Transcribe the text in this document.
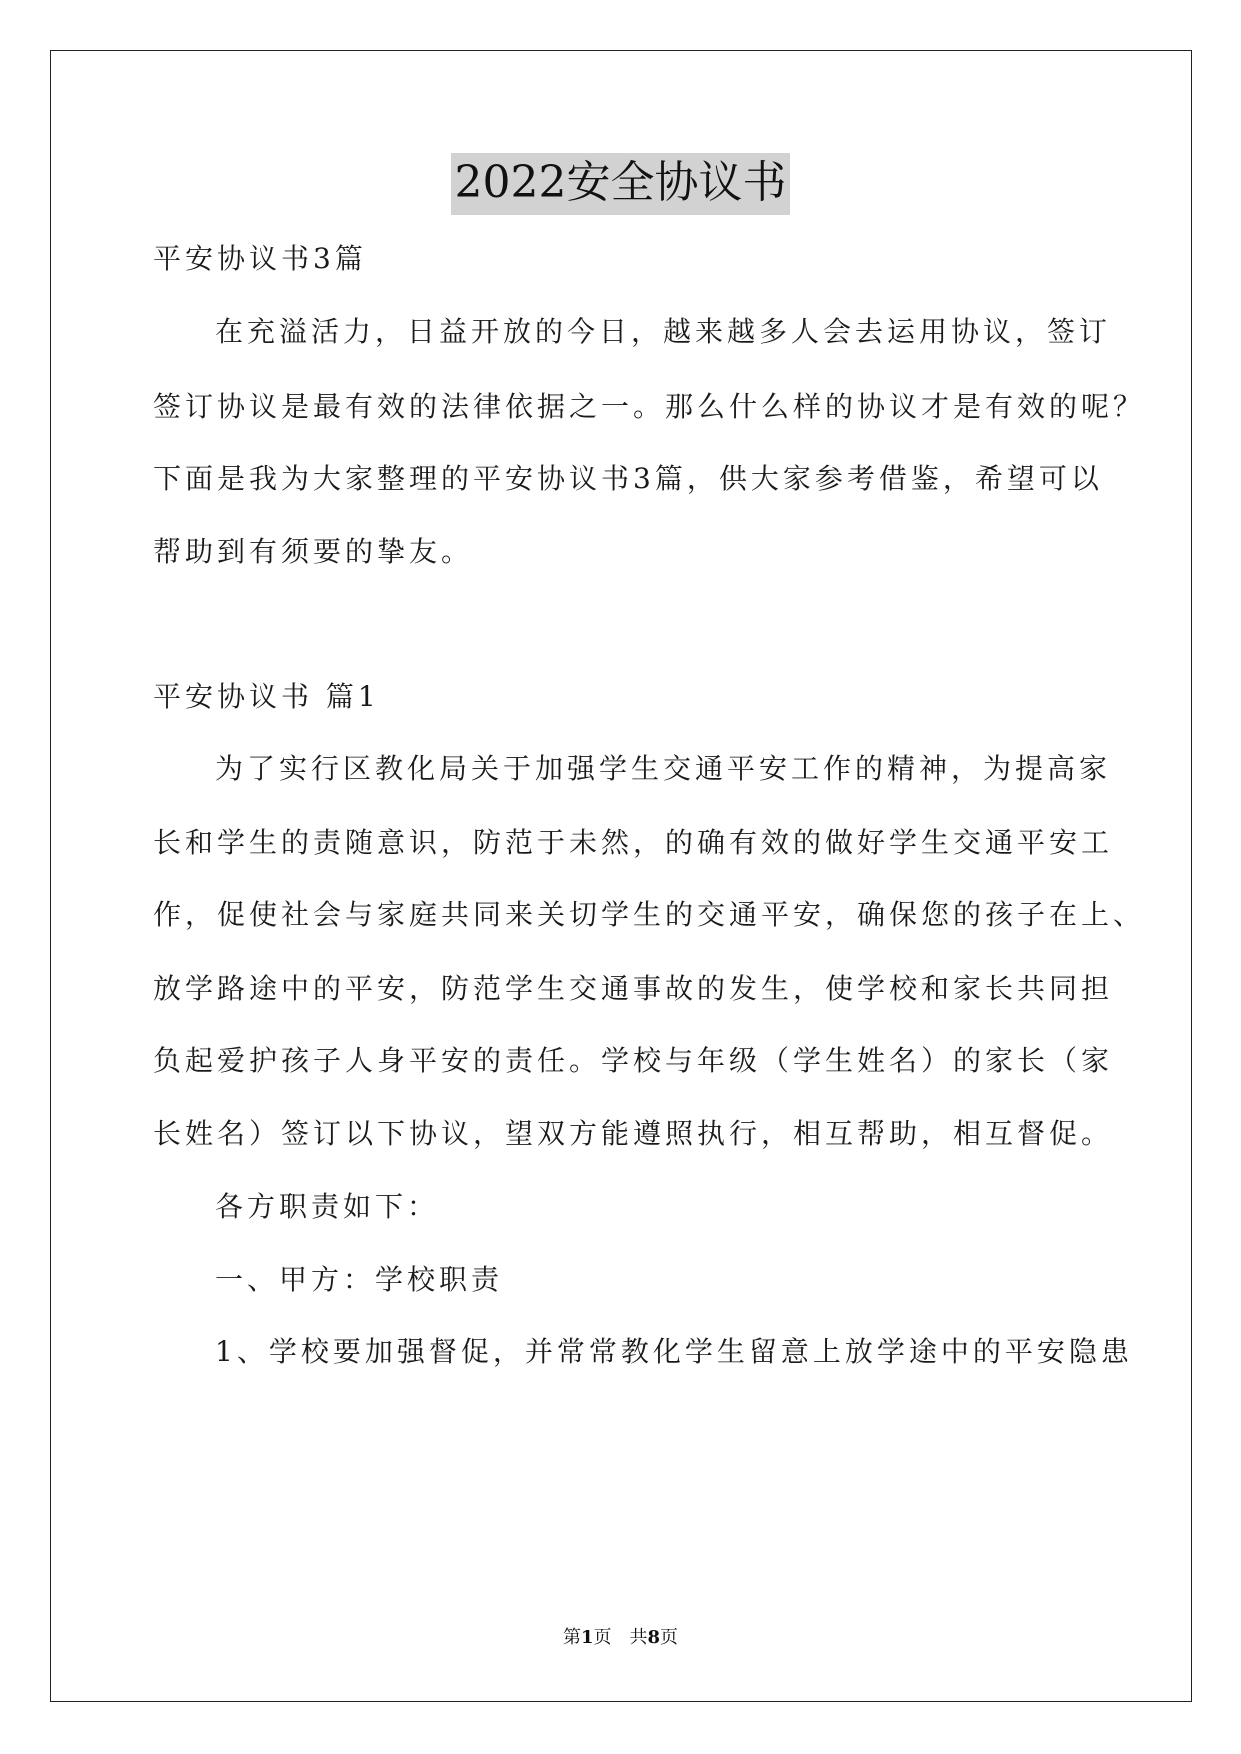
2022安全协议书
平安协议书3篇
在充溢活力，日益开放的今日，越来越多人会去运用协议，签订
签订协议是最有效的法律依据之一。那么什么样的协议才是有效的呢？
下面是我为大家整理的平安协议书3篇，供大家参考借鉴，希望可以
帮助到有须要的挚友。
平安协议书 篇1
为了实行区教化局关于加强学生交通平安工作的精神，为提高家
长和学生的责随意识，防范于未然，的确有效的做好学生交通平安工
作，促使社会与家庭共同来关切学生的交通平安，确保您的孩子在上、
放学路途中的平安，防范学生交通事故的发生，使学校和家长共同担
负起爱护孩子人身平安的责任。学校与年级（学生姓名）的家长（家
长姓名）签订以下协议，望双方能遵照执行，相互帮助，相互督促。
各方职责如下：
一、甲方：学校职责
1、学校要加强督促，并常常教化学生留意上放学途中的平安隐患
第1页　共8页
